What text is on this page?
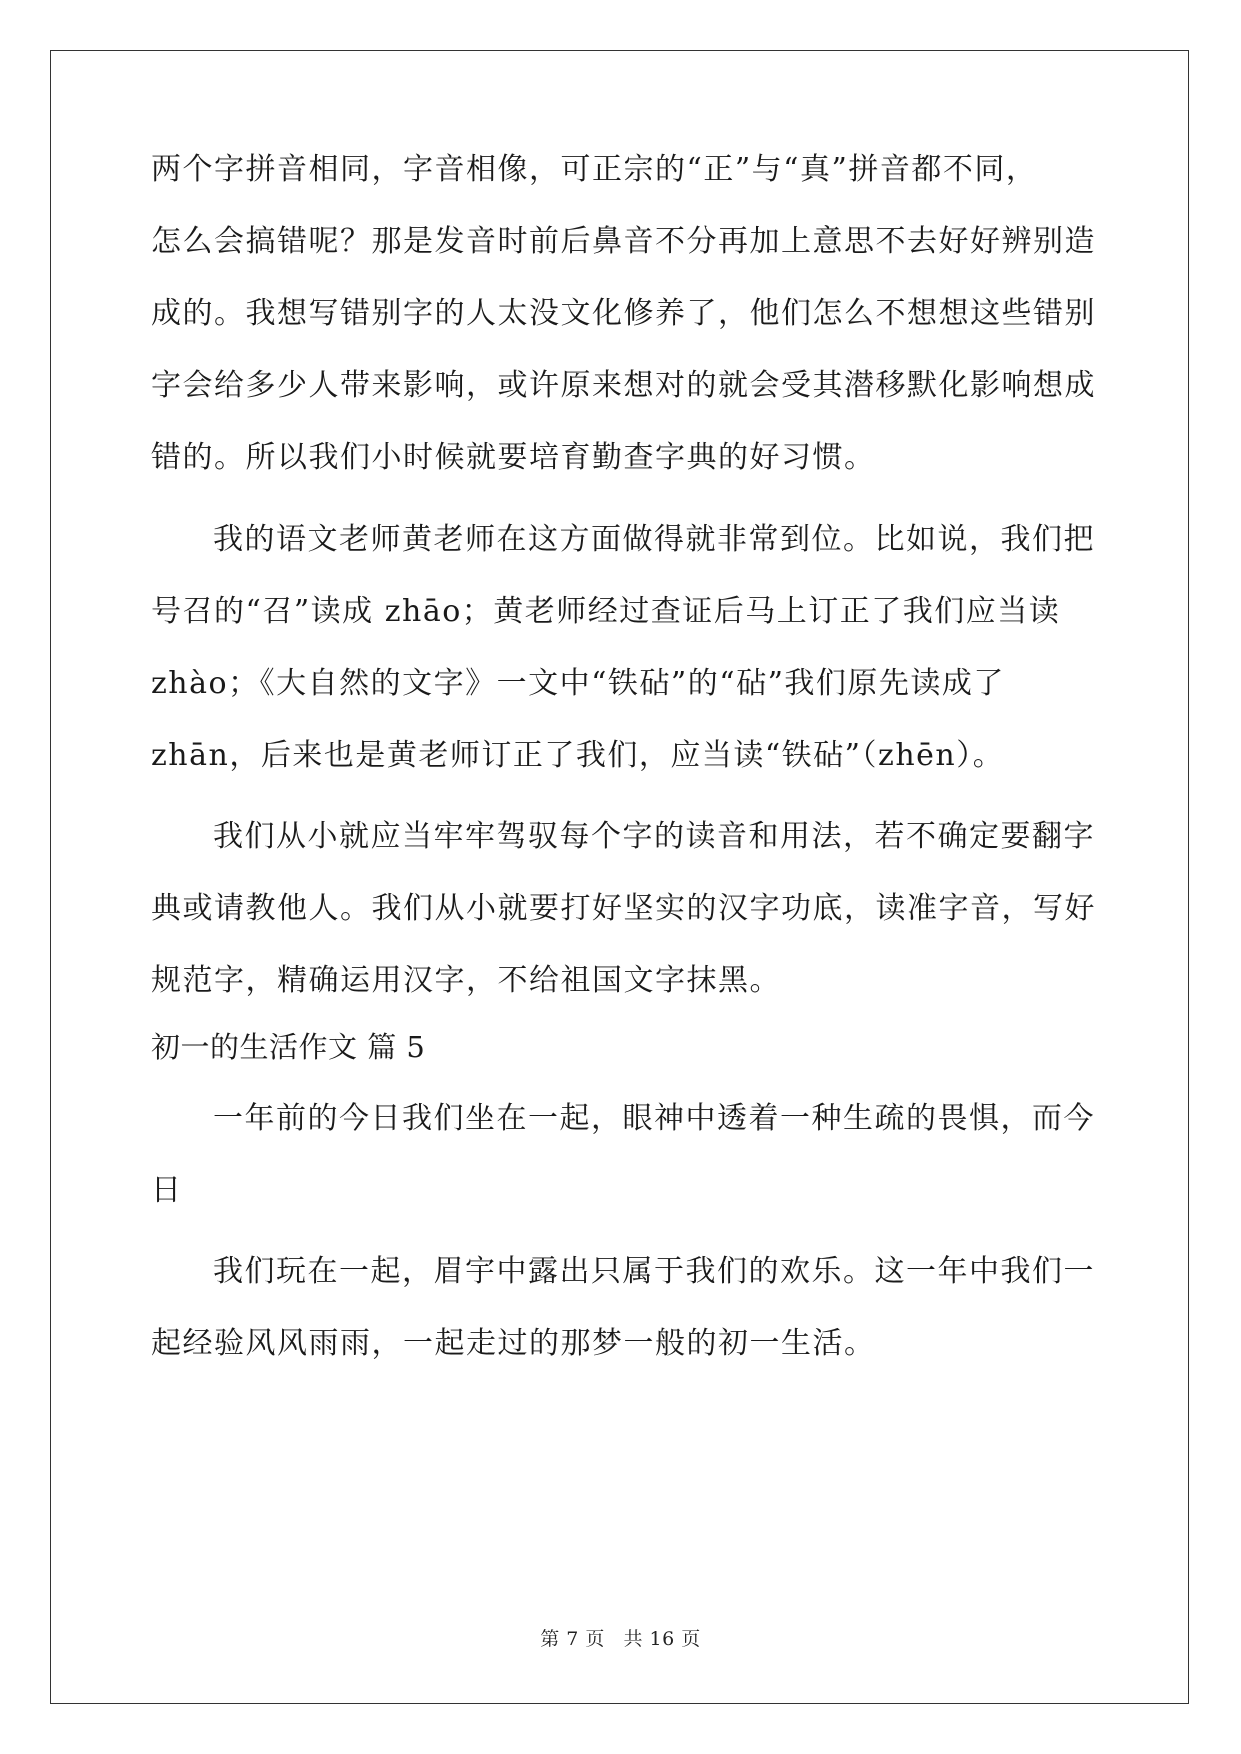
两个字拼音相同，字音相像，可正宗的“正”与“真”拼音都不同，
怎么会搞错呢？那是发音时前后鼻音不分再加上意思不去好好辨别造
成的。我想写错别字的人太没文化修养了，他们怎么不想想这些错别
字会给多少人带来影响，或许原来想对的就会受其潜移默化影响想成
错的。所以我们小时候就要培育勤查字典的好习惯。
我的语文老师黄老师在这方面做得就非常到位。比如说，我们把
号召的“召”读成 zhāo；黄老师经过查证后马上订正了我们应当读
zhào；《大自然的文字》一文中“铁砧”的“砧”我们原先读成了
zhān，后来也是黄老师订正了我们，应当读“铁砧”（zhēn）。
我们从小就应当牢牢驾驭每个字的读音和用法，若不确定要翻字
典或请教他人。我们从小就要打好坚实的汉字功底，读准字音，写好
规范字，精确运用汉字，不给祖国文字抹黑。
初一的生活作文 篇 5
一年前的今日我们坐在一起，眼神中透着一种生疏的畏惧，而今
日
我们玩在一起，眉宇中露出只属于我们的欢乐。这一年中我们一
起经验风风雨雨，一起走过的那梦一般的初一生活。
第 7 页 共 16 页
